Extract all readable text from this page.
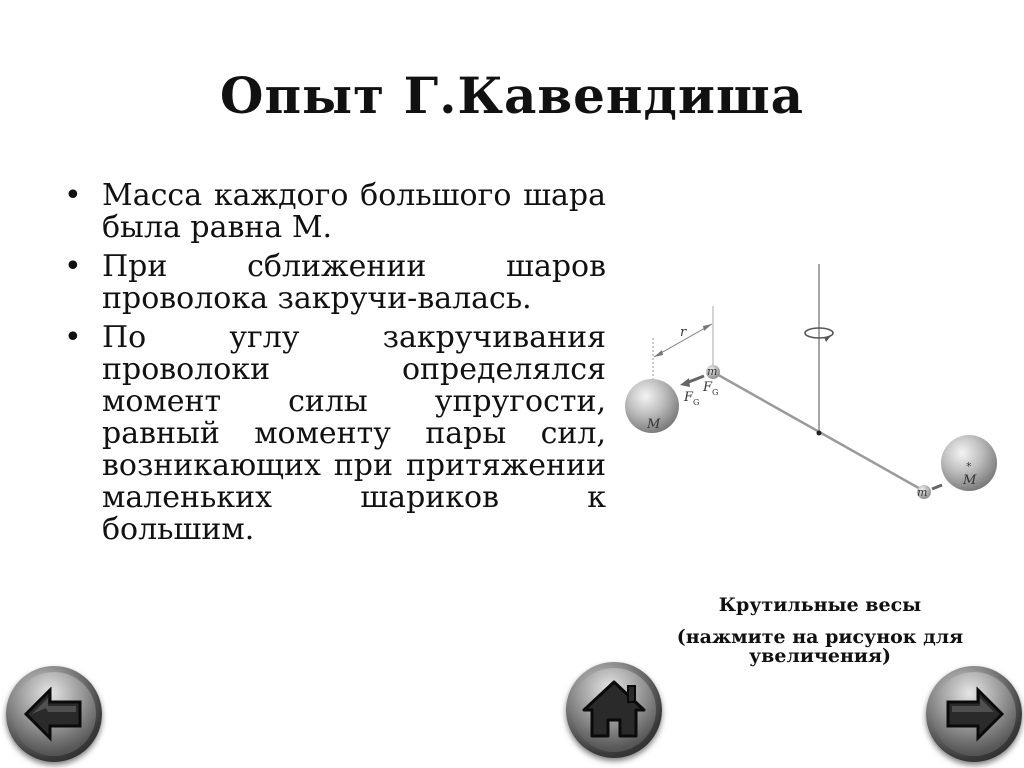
Опыт Г.Кавендиша
• Масса каждого большого шара была равна М.
• При сближении шаров проволока закручи-валась.
• По углу закручивания проволоки определялся момент силы упругости, равный моменту пары сил, возникающих при притяжении маленьких шариков к большим.
r
M
m
F G
F G
m
*
M
Крутильные весы
(нажмите на рисунок для увеличения)
